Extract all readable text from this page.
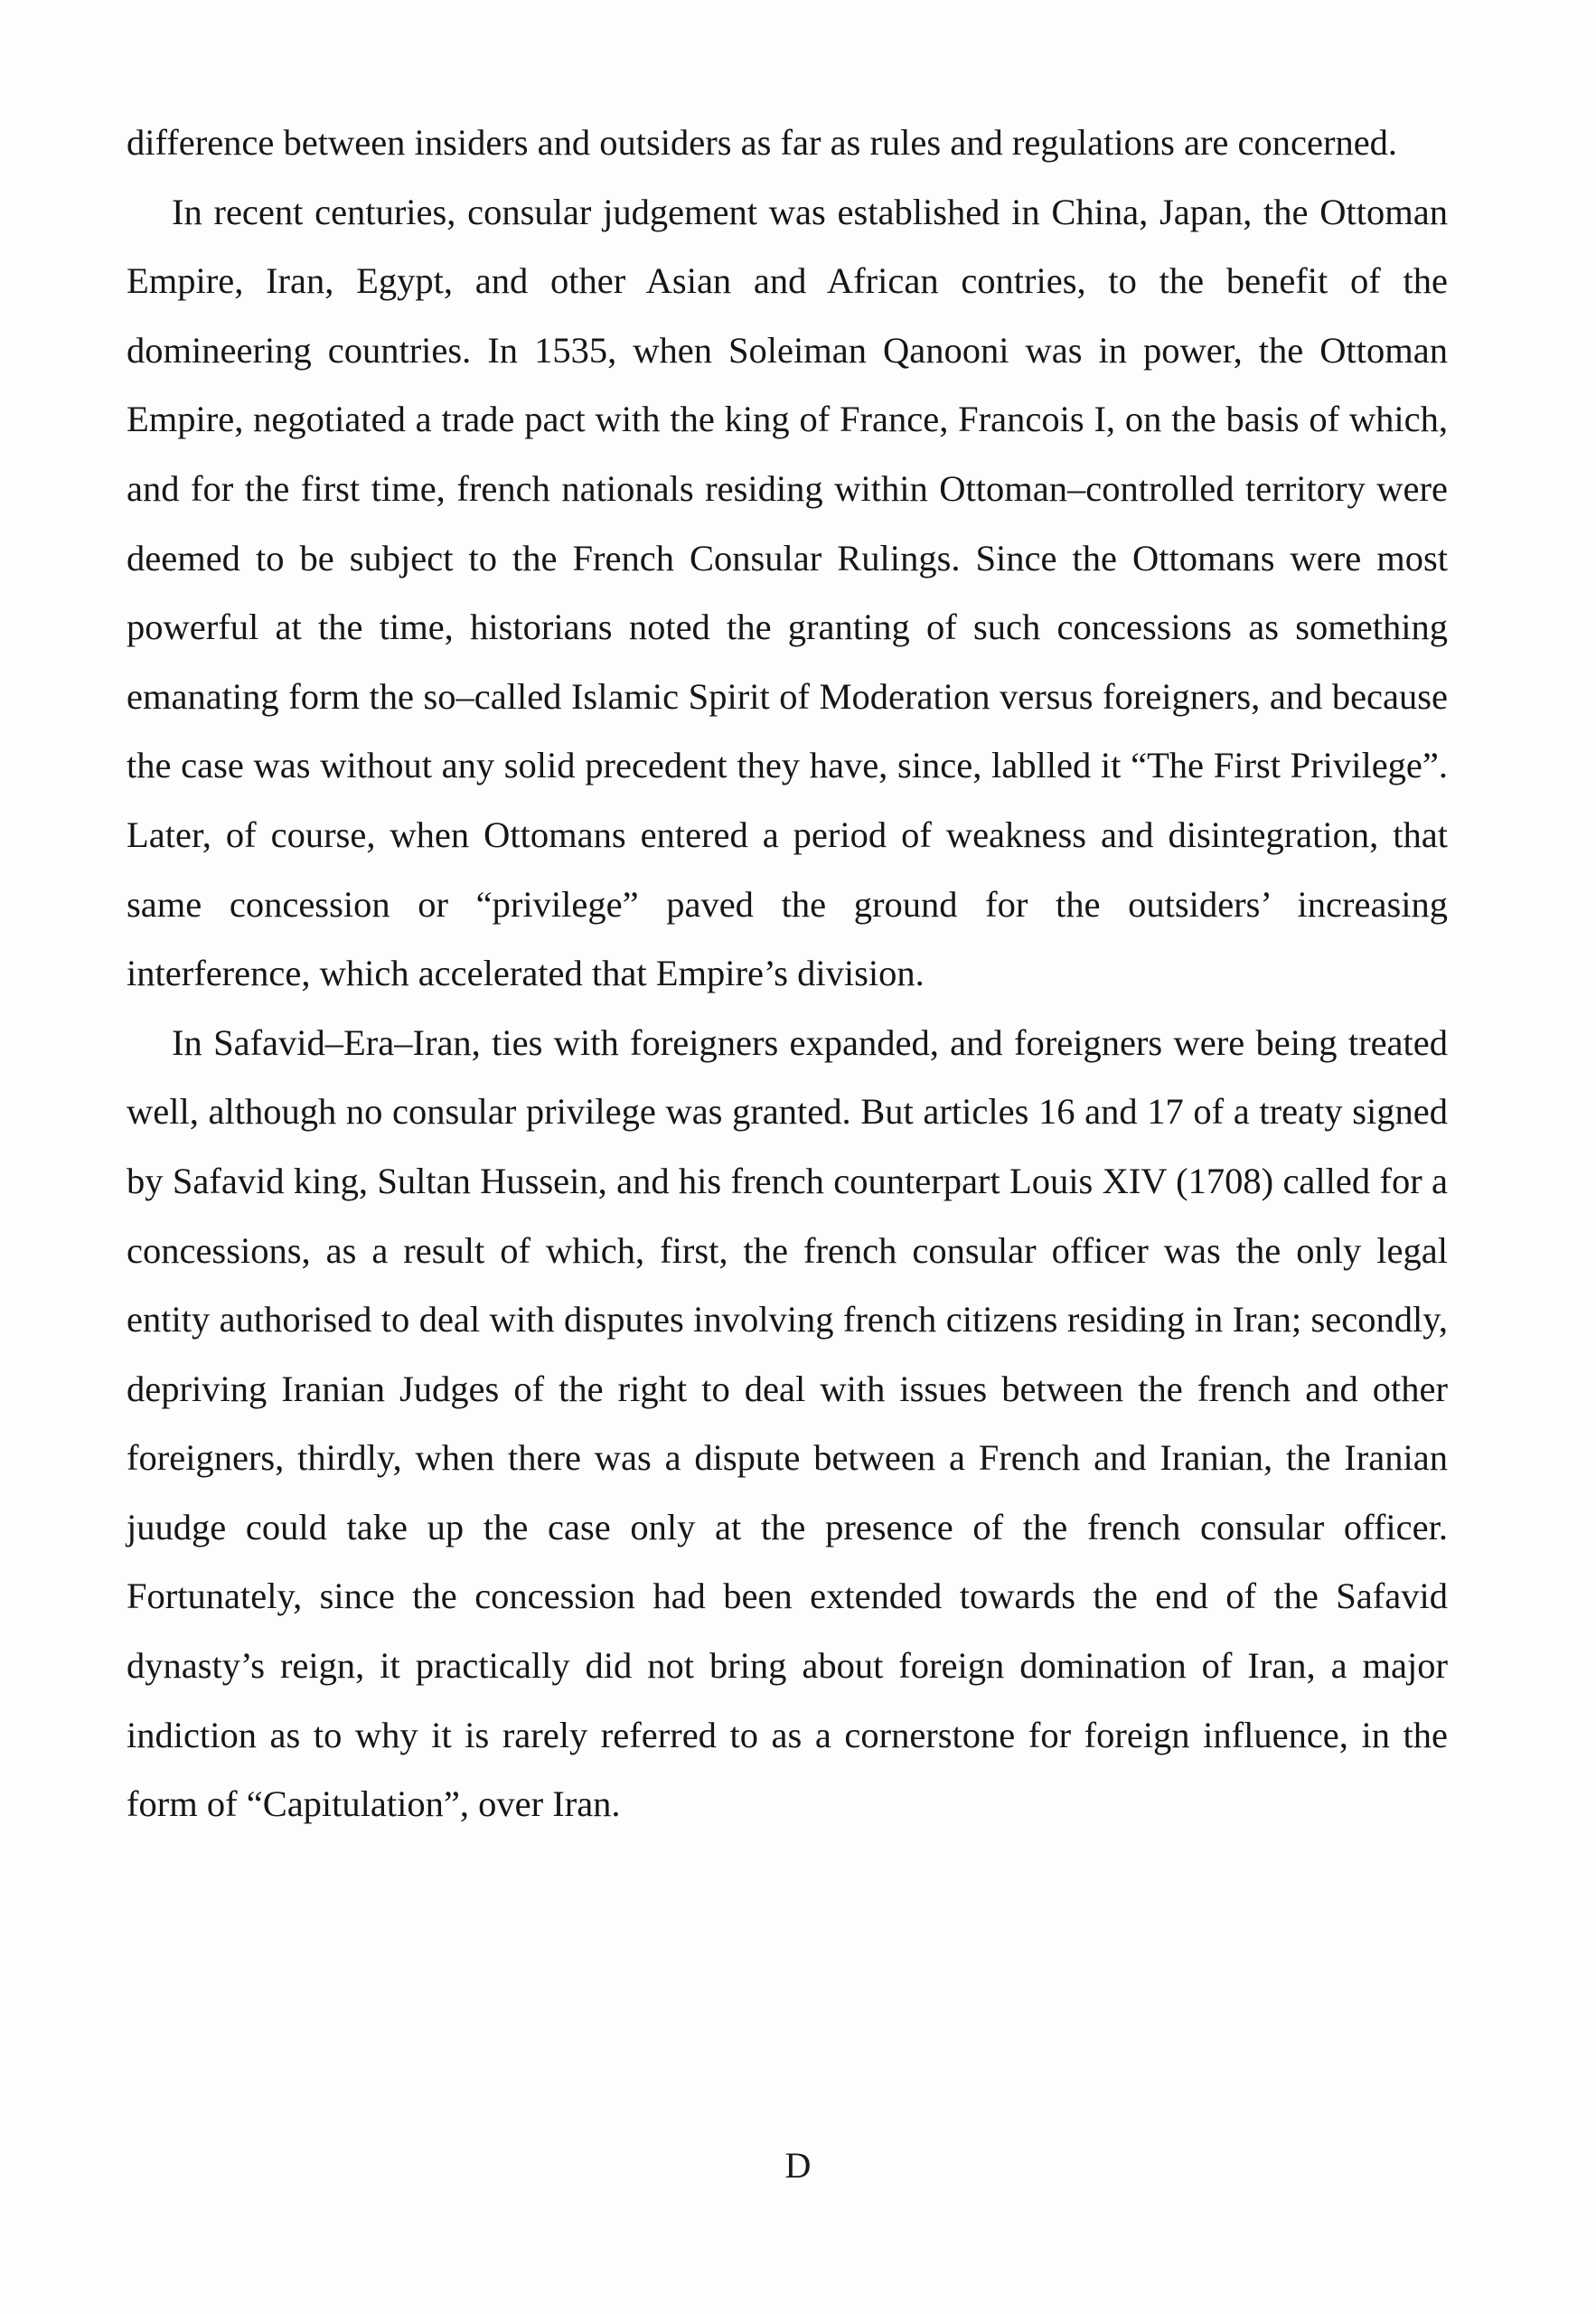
difference between insiders and outsiders as far as rules and regulations are concerned.

In recent centuries, consular judgement was established in China, Japan, the Ottoman Empire, Iran, Egypt, and other Asian and African contries, to the benefit of the domineering countries. In 1535, when Soleiman Qanooni was in power, the Ottoman Empire, negotiated a trade pact with the king of France, Francois I, on the basis of which, and for the first time, french nationals residing within Ottoman–controlled territory were deemed to be subject to the French Consular Rulings. Since the Ottomans were most powerful at the time, historians noted the granting of such concessions as something emanating form the so–called Islamic Spirit of Moderation versus foreigners, and because the case was without any solid precedent they have, since, lablled it “The First Privilege”. Later, of course, when Ottomans entered a period of weakness and disintegration, that same concession or “privilege” paved the ground for the outsiders’ increasing interference, which accelerated that Empire’s division.

In Safavid–Era–Iran, ties with foreigners expanded, and foreigners were being treated well, although no consular privilege was granted. But articles 16 and 17 of a treaty signed by Safavid king, Sultan Hussein, and his french counterpart Louis XIV (1708) called for a concessions, as a result of which, first, the french consular officer was the only legal entity authorised to deal with disputes involving french citizens residing in Iran; secondly, depriving Iranian Judges of the right to deal with issues between the french and other foreigners, thirdly, when there was a dispute between a French and Iranian, the Iranian juudge could take up the case only at the presence of the french consular officer. Fortunately, since the concession had been extended towards the end of the Safavid dynasty’s reign, it practically did not bring about foreign domination of Iran, a major indiction as to why it is rarely referred to as a cornerstone for foreign influence, in the form of “Capitulation”, over Iran.

D
